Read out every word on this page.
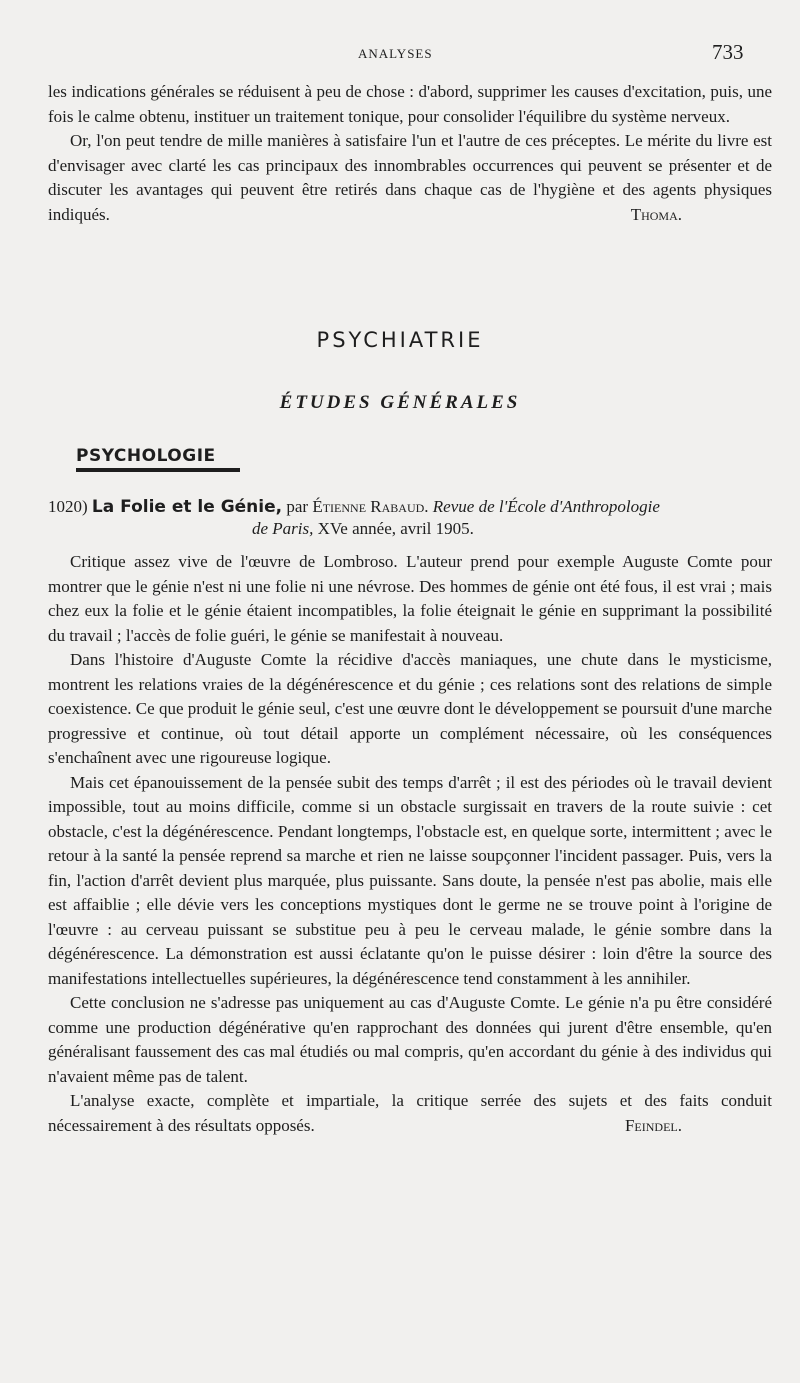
ANALYSES	733

les indications générales se réduisent à peu de chose : d'abord, supprimer les causes d'excitation, puis, une fois le calme obtenu, instituer un traitement tonique, pour consolider l'équilibre du système nerveux.

Or, l'on peut tendre de mille manières à satisfaire l'un et l'autre de ces préceptes. Le mérite du livre est d'envisager avec clarté les cas principaux des innombrables occurrences qui peuvent se présenter et de discuter les avantages qui peuvent être retirés dans chaque cas de l'hygiène et des agents physiques indiqués.	Thoma.

PSYCHIATRIE
ÉTUDES GÉNÉRALES
PSYCHOLOGIE
1020) La Folie et le Génie, par Étienne Rabaud. Revue de l'École d'Anthropologie
de Paris, XVe année, avril 1905.

Critique assez vive de l'œuvre de Lombroso. L'auteur prend pour exemple Auguste Comte pour montrer que le génie n'est ni une folie ni une névrose. Des hommes de génie ont été fous, il est vrai ; mais chez eux la folie et le génie étaient incompatibles, la folie éteignait le génie en supprimant la possibilité du travail ; l'accès de folie guéri, le génie se manifestait à nouveau.

Dans l'histoire d'Auguste Comte la récidive d'accès maniaques, une chute dans le mysticisme, montrent les relations vraies de la dégénérescence et du génie ; ces relations sont des relations de simple coexistence. Ce que produit le génie seul, c'est une œuvre dont le développement se poursuit d'une marche progressive et continue, où tout détail apporte un complément nécessaire, où les conséquences s'enchaînent avec une rigoureuse logique.

Mais cet épanouissement de la pensée subit des temps d'arrêt ; il est des périodes où le travail devient impossible, tout au moins difficile, comme si un obstacle surgissait en travers de la route suivie : cet obstacle, c'est la dégénérescence. Pendant longtemps, l'obstacle est, en quelque sorte, intermittent ; avec le retour à la santé la pensée reprend sa marche et rien ne laisse soupçonner l'incident passager. Puis, vers la fin, l'action d'arrêt devient plus marquée, plus puissante. Sans doute, la pensée n'est pas abolie, mais elle est affaiblie ; elle dévie vers les conceptions mystiques dont le germe ne se trouve point à l'origine de l'œuvre : au cerveau puissant se substitue peu à peu le cerveau malade, le génie sombre dans la dégénérescence. La démonstration est aussi éclatante qu'on le puisse désirer : loin d'être la source des manifestations intellectuelles supérieures, la dégénérescence tend constamment à les annihiler.

Cette conclusion ne s'adresse pas uniquement au cas d'Auguste Comte. Le génie n'a pu être considéré comme une production dégénérative qu'en rapprochant des données qui jurent d'être ensemble, qu'en généralisant faussement des cas mal étudiés ou mal compris, qu'en accordant du génie à des individus qui n'avaient même pas de talent.

L'analyse exacte, complète et impartiale, la critique serrée des sujets et des faits conduit nécessairement à des résultats opposés.	Feindel.
